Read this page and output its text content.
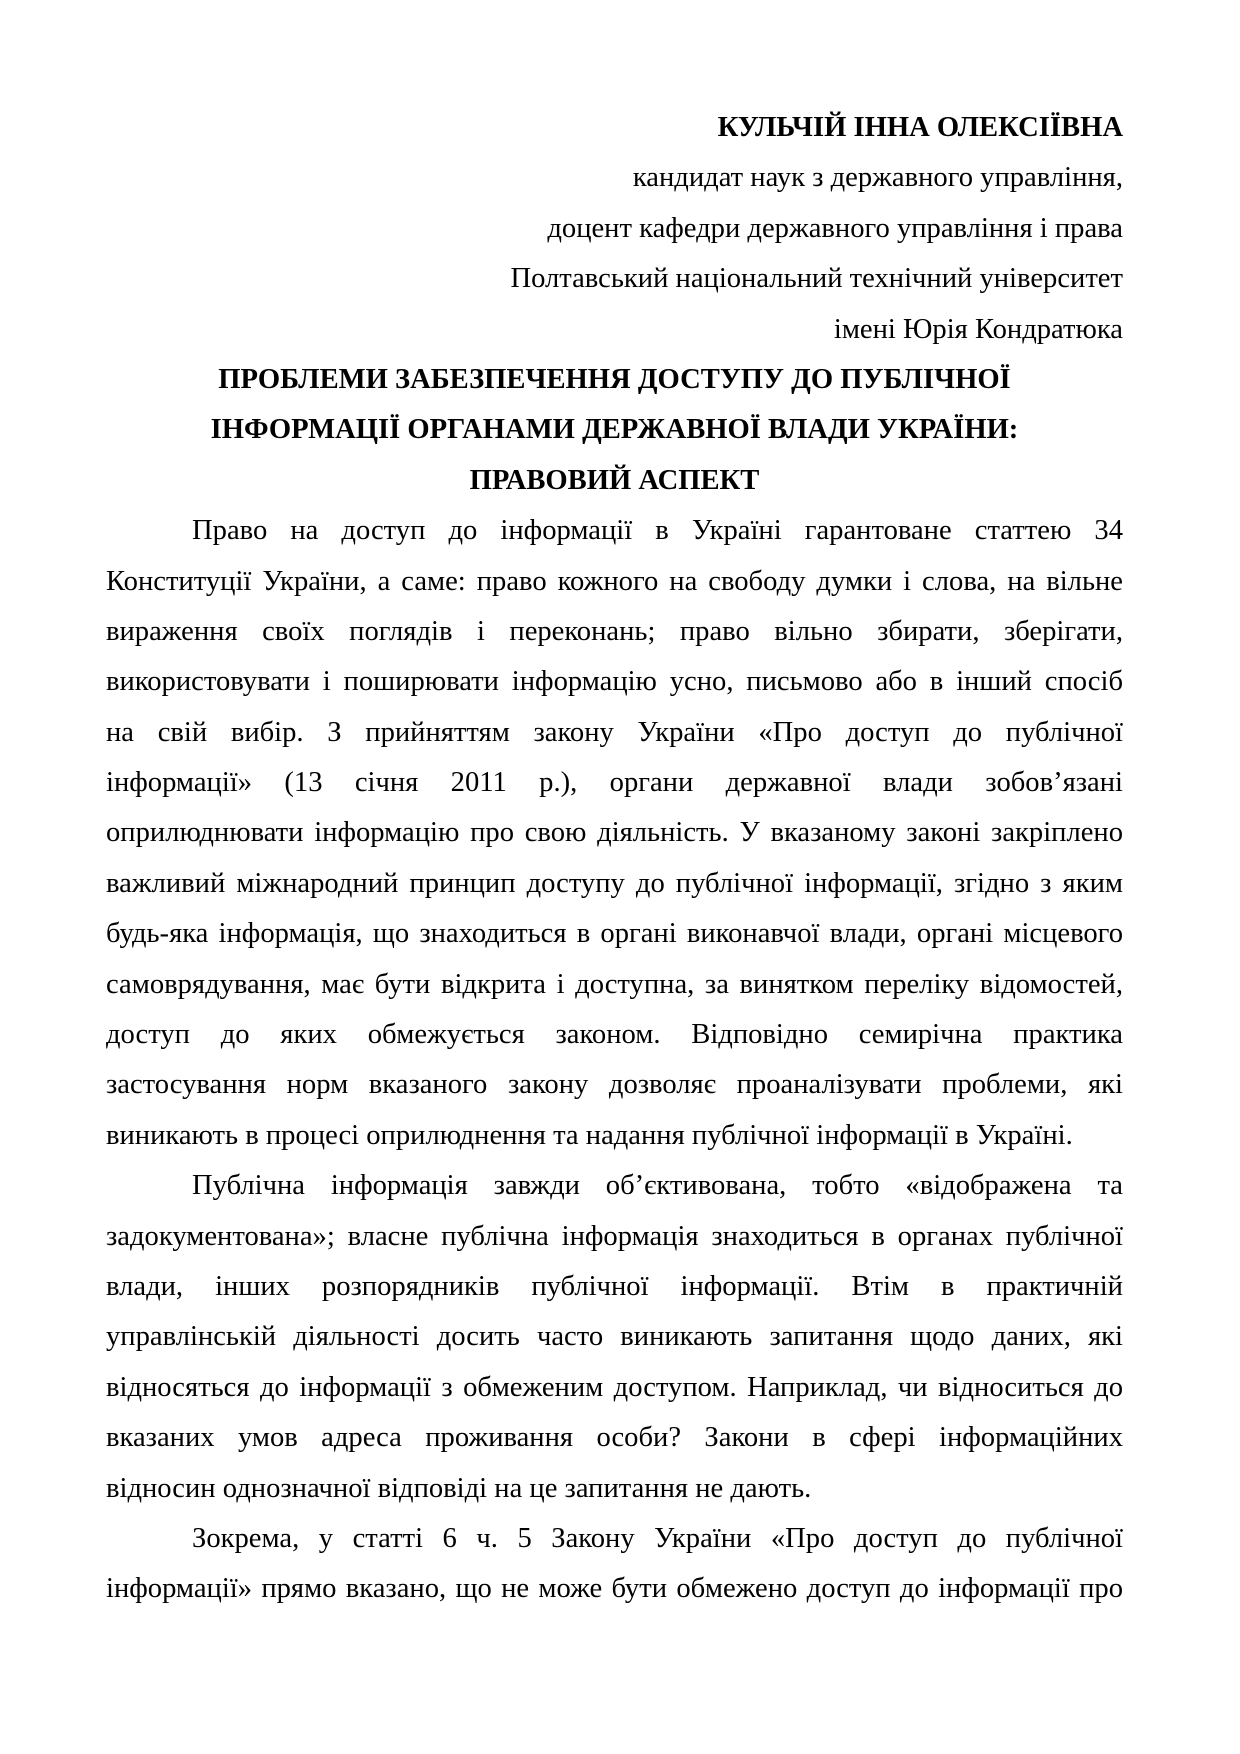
КУЛЬЧІЙ ІННА ОЛЕКСІЇВНА
кандидат наук з державного управління,
доцент кафедри державного управління і права
Полтавський національний технічний університет
імені Юрія Кондратюка
ПРОБЛЕМИ ЗАБЕЗПЕЧЕННЯ ДОСТУПУ ДО ПУБЛІЧНОЇ
ІНФОРМАЦІЇ ОРГАНАМИ ДЕРЖАВНОЇ ВЛАДИ УКРАЇНИ:
ПРАВОВИЙ АСПЕКТ
Право на доступ до інформації в Україні гарантоване статтею 34
Конституції України, а саме: право кожного на свободу думки і слова, на вільне
вираження своїх поглядів і переконань; право вільно збирати, зберігати,
використовувати і поширювати інформацію усно, письмово або в інший спосіб
на свій вибір. З прийняттям закону України «Про доступ до публічної
інформації» (13 січня 2011 р.), органи державної влади зобов’язані
оприлюднювати інформацію про свою діяльність. У вказаному законі закріплено
важливий міжнародний принцип доступу до публічної інформації, згідно з яким
будь-яка інформація, що знаходиться в органі виконавчої влади, органі місцевого
самоврядування, має бути відкрита і доступна, за винятком переліку відомостей,
доступ до яких обмежується законом. Відповідно семирічна практика
застосування норм вказаного закону дозволяє проаналізувати проблеми, які
виникають в процесі оприлюднення та надання публічної інформації в Україні.
Публічна інформація завжди об’єктивована, тобто «відображена та
задокументована»; власне публічна інформація знаходиться в органах публічної
влади, інших розпорядників публічної інформації. Втім в практичній
управлінській діяльності досить часто виникають запитання щодо даних, які
відносяться до інформації з обмеженим доступом. Наприклад, чи відноситься до
вказаних умов адреса проживання особи? Закони в сфері інформаційних
відносин однозначної відповіді на це запитання не дають.
Зокрема, у статті 6 ч. 5 Закону України «Про доступ до публічної
інформації» прямо вказано, що не може бути обмежено доступ до інформації про
